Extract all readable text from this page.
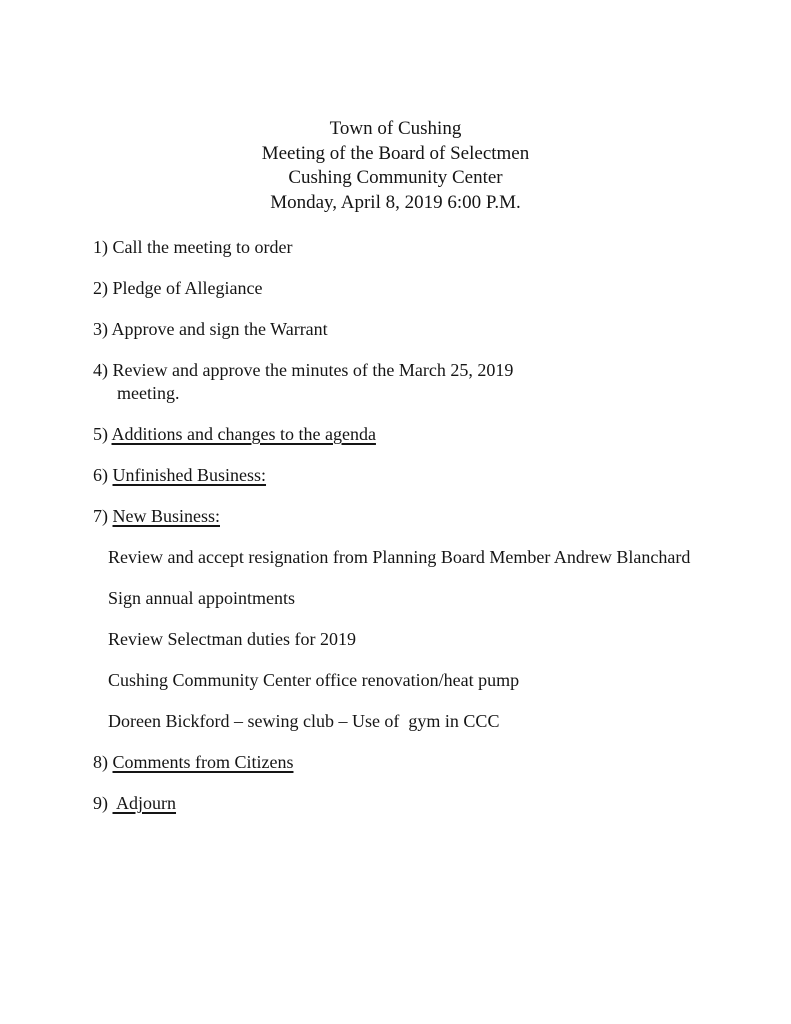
Town of Cushing
Meeting of the Board of Selectmen
Cushing Community Center
Monday, April 8, 2019 6:00 P.M.
1) Call the meeting to order
2) Pledge of Allegiance
3) Approve and sign the Warrant
4) Review and approve the minutes of the March 25, 2019
meeting.
5) Additions and changes to the agenda
6) Unfinished Business:
7) New Business:
Review and accept resignation from Planning Board Member Andrew Blanchard
Sign annual appointments
Review Selectman duties for 2019
Cushing Community Center office renovation/heat pump
Doreen Bickford – sewing club – Use of  gym in CCC
8) Comments from Citizens
9)  Adjourn
